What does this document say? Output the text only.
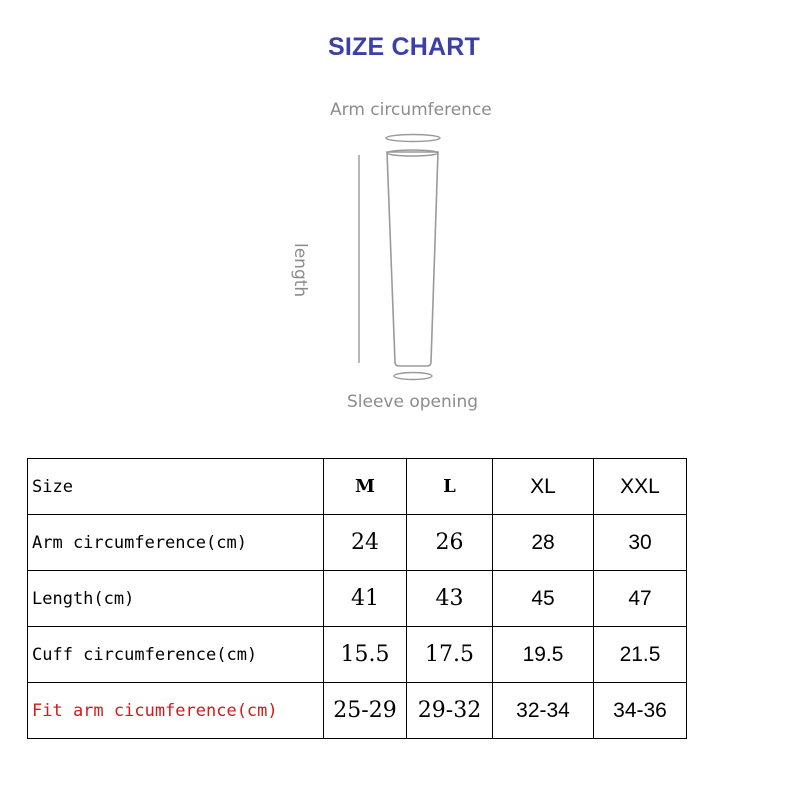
SIZE CHART
Arm circumference
length
Sleeve opening
Size	M	L	XL	XXL
Arm circumference(cm)	24	26	28	30
Length(cm)	41	43	45	47
Cuff circumference(cm)	15.5	17.5	19.5	21.5
Fit arm cicumference(cm)	25-29	29-32	32-34	34-36
